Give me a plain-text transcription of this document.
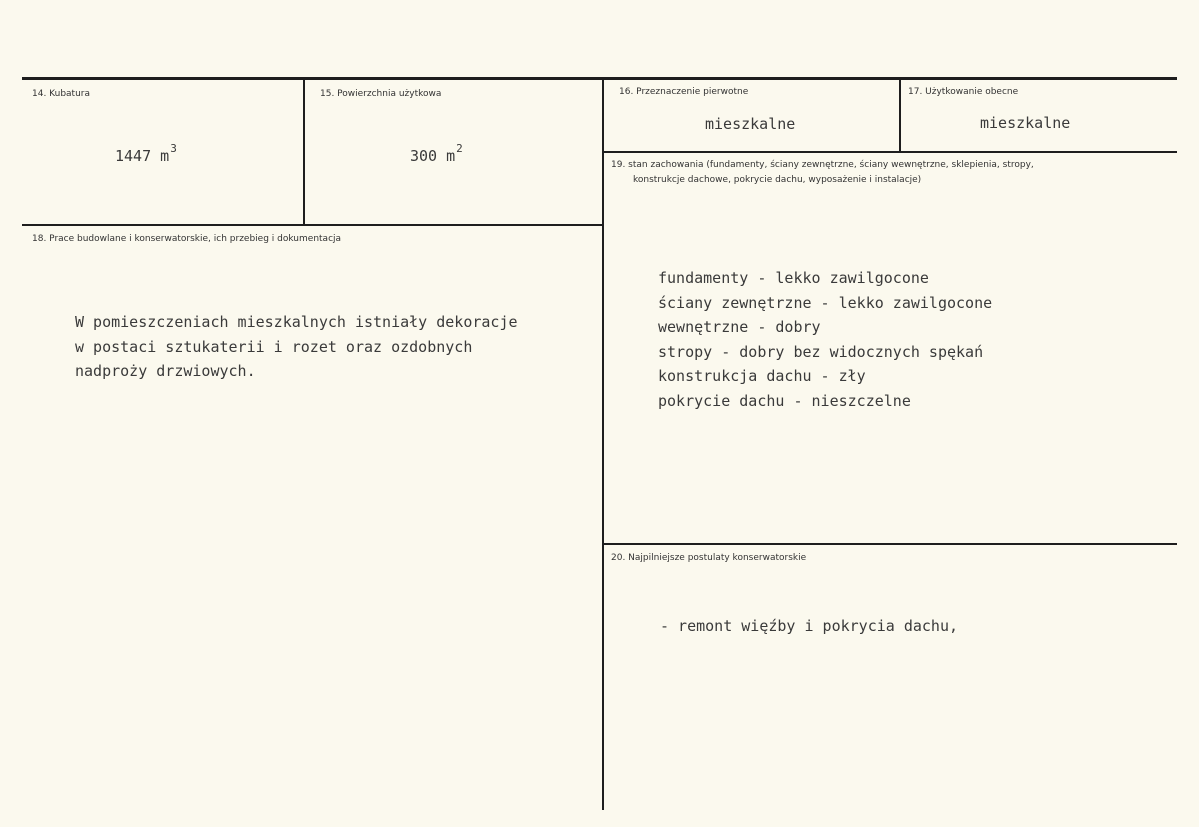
14. Kubatura
1447 $m^3$
15. Powierzchnia użytkowa
300 $m^2$
16. Przeznaczenie pierwotne
mieszkalne
17. Użytkowanie obecne
mieszkalne
19. stan zachowania (fundamenty, ściany zewnętrzne, ściany wewnętrzne, sklepienia, stropy,
konstrukcje dachowe, pokrycie dachu, wyposażenie i instalacje)
fundamenty - lekko zawilgocone
ściany zewnętrzne - lekko zawilgocone
wewnętrzne - dobry
stropy - dobry bez widocznych spękań
konstrukcja dachu - zły
pokrycie dachu - nieszczelne
18. Prace budowlane i konserwatorskie, ich przebieg i dokumentacja
W pomieszczeniach mieszkalnych istniały dekoracje
w postaci sztukaterii i rozet oraz ozdobnych
nadproży drzwiowych.
20. Najpilniejsze postulaty konserwatorskie
- remont więźby i pokrycia dachu,
